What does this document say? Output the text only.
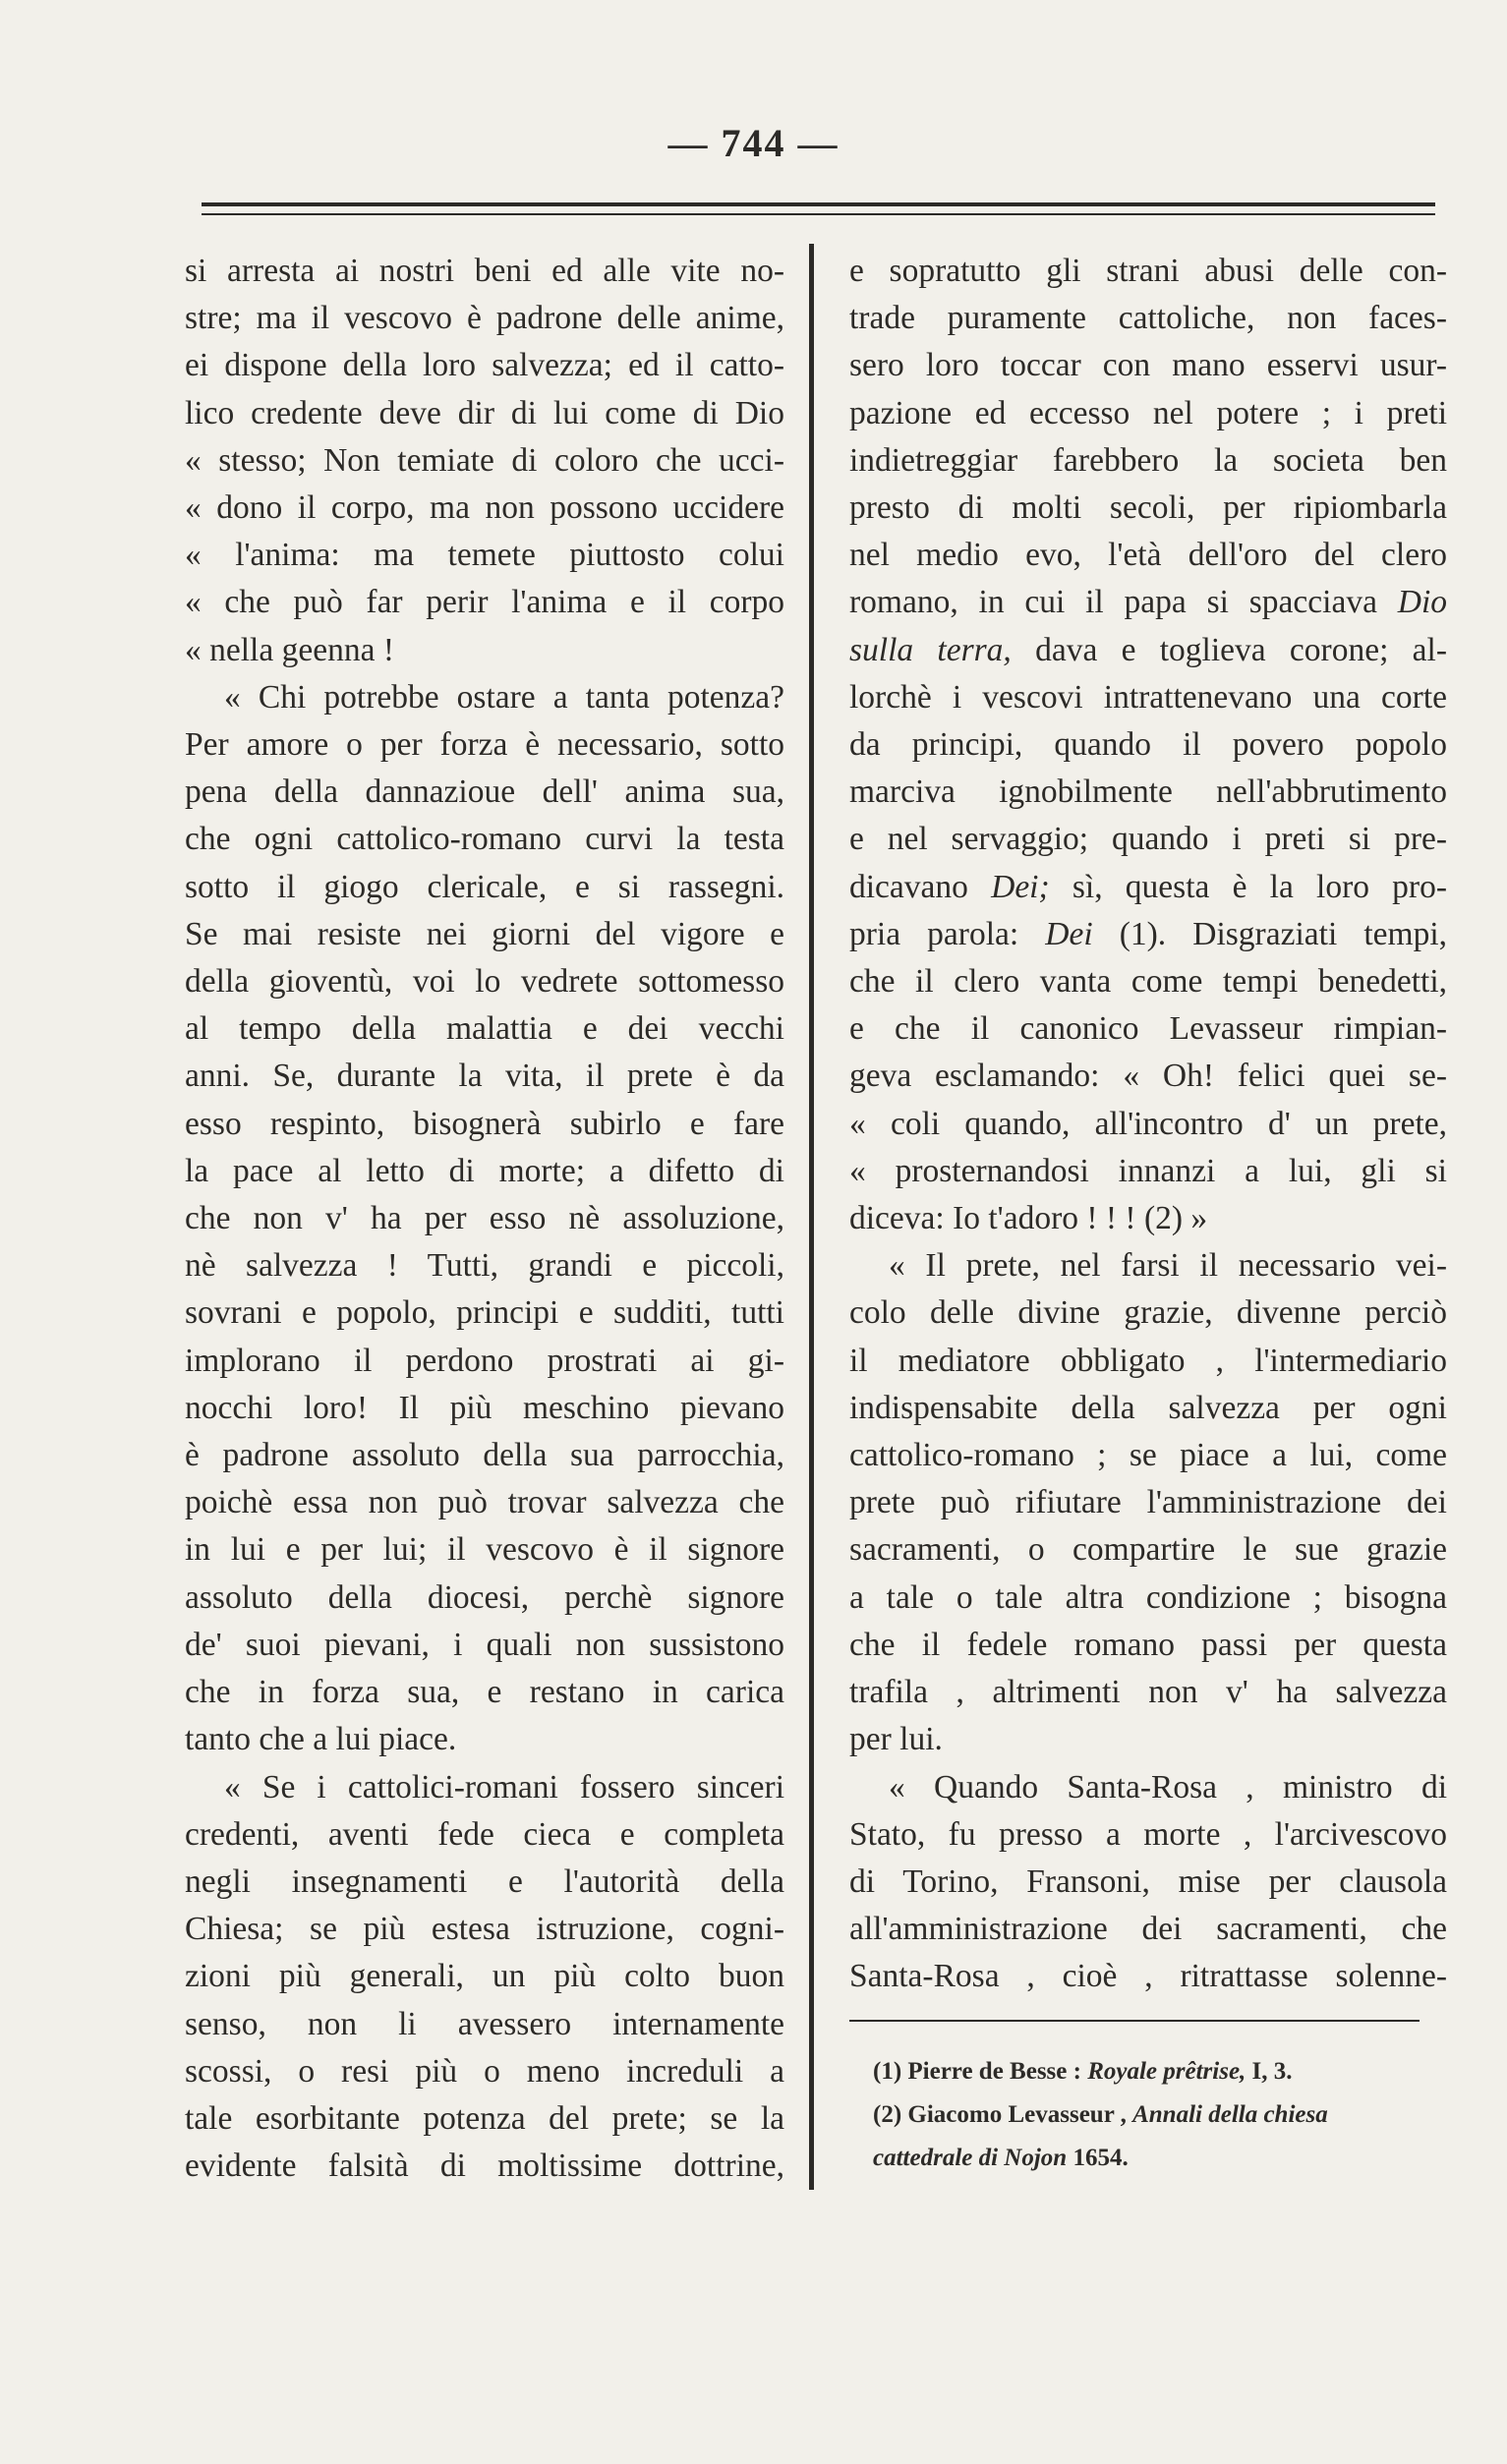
— 744 —
si arresta ai nostri beni ed alle vite no-
stre; ma il vescovo è padrone delle anime,
ei dispone della loro salvezza; ed il catto-
lico credente deve dir di lui come di Dio
« stesso; Non temiate di coloro che ucci-
« dono il corpo, ma non possono uccidere
« l'anima: ma temete piuttosto colui
« che può far perir l'anima e il corpo
« nella geenna !
« Chi potrebbe ostare a tanta potenza?
Per amore o per forza è necessario, sotto
pena della dannazioue dell' anima sua,
che ogni cattolico-romano curvi la testa
sotto il giogo clericale, e si rassegni.
Se mai resiste nei giorni del vigore e
della gioventù, voi lo vedrete sottomesso
al tempo della malattia e dei vecchi
anni. Se, durante la vita, il prete è da
esso respinto, bisognerà subirlo e fare
la pace al letto di morte; a difetto di
che non v' ha per esso nè assoluzione,
nè salvezza ! Tutti, grandi e piccoli,
sovrani e popolo, principi e sudditi, tutti
implorano il perdono prostrati ai gi-
nocchi loro! Il più meschino pievano
è padrone assoluto della sua parrocchia,
poichè essa non può trovar salvezza che
in lui e per lui; il vescovo è il signore
assoluto della diocesi, perchè signore
de' suoi pievani, i quali non sussistono
che in forza sua, e restano in carica
tanto che a lui piace.
« Se i cattolici-romani fossero sinceri
credenti, aventi fede cieca e completa
negli insegnamenti e l'autorità della
Chiesa; se più estesa istruzione, cogni-
zioni più generali, un più colto buon
senso, non li avessero internamente
scossi, o resi più o meno increduli a
tale esorbitante potenza del prete; se la
evidente falsità di moltissime dottrine,
e sopratutto gli strani abusi delle con-
trade puramente cattoliche, non faces-
sero loro toccar con mano esservi usur-
pazione ed eccesso nel potere ; i preti
indietreggiar farebbero la societa ben
presto di molti secoli, per ripiombarla
nel medio evo, l'età dell'oro del clero
romano, in cui il papa si spacciava Dio
sulla terra, dava e toglieva corone; al-
lorchè i vescovi intrattenevano una corte
da principi, quando il povero popolo
marciva ignobilmente nell'abbrutimento
e nel servaggio; quando i preti si pre-
dicavano Dei; sì, questa è la loro pro-
pria parola: Dei (1). Disgraziati tempi,
che il clero vanta come tempi benedetti,
e che il canonico Levasseur rimpian-
geva esclamando: « Oh! felici quei se-
« coli quando, all'incontro d' un prete,
« prosternandosi innanzi a lui, gli si
diceva: Io t'adoro ! ! ! (2) »
« Il prete, nel farsi il necessario vei-
colo delle divine grazie, divenne perciò
il mediatore obbligato , l'intermediario
indispensabite della salvezza per ogni
cattolico-romano ; se piace a lui, come
prete può rifiutare l'amministrazione dei
sacramenti, o compartire le sue grazie
a tale o tale altra condizione ; bisogna
che il fedele romano passi per questa
trafila , altrimenti non v' ha salvezza
per lui.
« Quando Santa-Rosa , ministro di
Stato, fu presso a morte , l'arcivescovo
di Torino, Fransoni, mise per clausola
all'amministrazione dei sacramenti, che
Santa-Rosa , cioè , ritrattasse solenne-
(1) Pierre de Besse : Royale prêtrise, I, 3.
(2) Giacomo Levasseur , Annali della chiesa
cattedrale di Nojon 1654.
